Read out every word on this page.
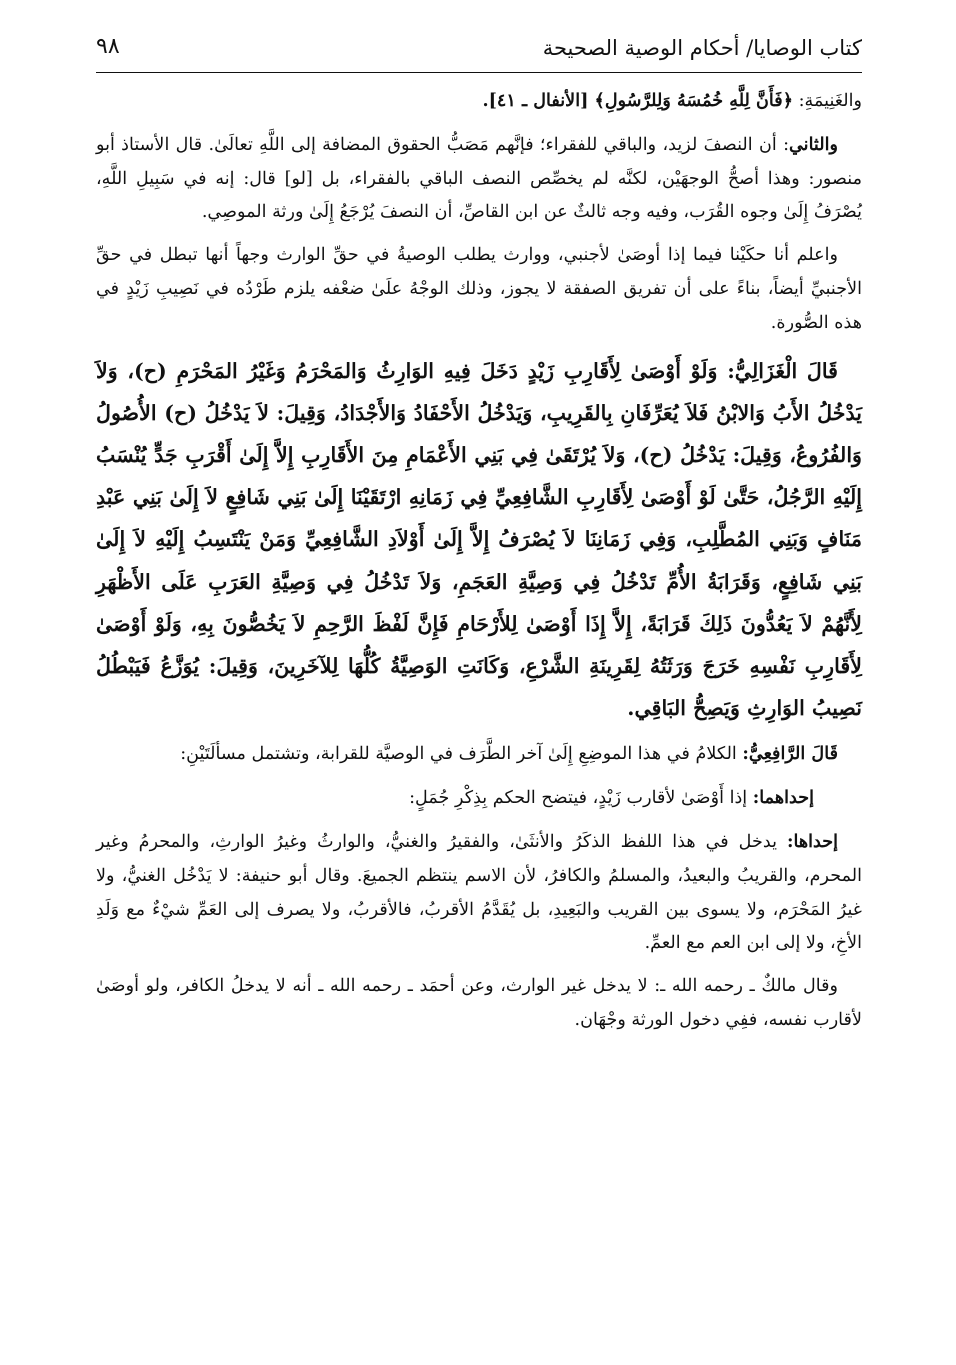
كتاب الوصايا/ أحكام الوصية الصحيحة
٩٨

والغَنِيمَةِ: ﴿فَأَنَّ لِلَّهِ خُمُسَهُ وَلِلرَّسُولِ﴾ [الأنفال ـ ٤١].

والثاني: أن النصفَ لزيد، والباقي للفقراء؛ فإنَّهم مَصَبُّ الحقوق المضافة إلى اللَّهِ تعالَىٰ. قال الأستاذ أبو منصور: وهذا أصحُّ الوجهَيْن، لكنَّه لم يخصِّص النصف الباقي بالفقراء، بل [لو] قال: إنه في سَبِيلِ اللَّهِ، يُصْرَفُ إِلَىٰ وجوه القُرَب، وفيه وجه ثالثٌ عن ابن القاصِّ، أن النصفَ يُرْجَعُ إِلَىٰ ورثة الموصِي.

واعلم أنا حكَيْنا فيما إذا أوصَىٰ لأجنبي، ووارث يطلب الوصيةُ في حقِّ الوارث وجهاً أنها تبطل في حقِّ الأجنبيِّ أيضاً، بناءً على أن تفريق الصفقة لا يجوز، وذلك الوجْهُ علَىٰ ضعْفه يلزم طَرْدُه في نَصِيبِ زَيْدٍ في هذه الصُّورة.

قَالَ الْغَزَالِيُّ: وَلَوْ أَوْصَىٰ لِأَقَارِبِ زَيْدٍ دَخَلَ فِيهِ الوَارِثُ وَالمَحْرَمُ وَغَيْرُ المَحْرَمِ (ح)، وَلاَ يَدْخُلُ الأَبُ وَالابْنُ فَلاَ يُعَرِّفَانِ بِالقَرِيبِ، وَيَدْخُلُ الأَحْفَادُ وَالأَجْدَادُ، وَقِيلَ: لاَ يَدْخُلُ (ح) الأُصُولُ وَالفُرُوعُ، وَقِيلَ: يَدْخُلُ (ح)، وَلاَ يُرْتَقَىٰ فِي بَنِي الأَعْمَامِ مِنَ الأَقَارِبِ إِلاَّ إِلَىٰ أَقْرَبِ جَدٍّ يُنْسَبُ إِلَيْهِ الرَّجُلُ، حَتَّىٰ لَوْ أَوْصَىٰ لِأَقَارِبِ الشَّافِعِيِّ فِي زَمَانِهِ ارْتَقَيْنَا إِلَىٰ بَنِي شَافِعٍ لاَ إِلَىٰ بَنِي عَبْدِ مَنَافٍ وَبَنِي المُطَّلِبِ، وَفِي زَمَانِنَا لاَ يُصْرَفُ إِلاَّ إِلَىٰ أَوْلاَدِ الشَّافِعِيِّ وَمَنْ يَنْتَسِبُ إِلَيْهِ لاَ إِلَىٰ بَنِي شَافِعٍ، وَقَرَابَةُ الأُمِّ تَدْخُلُ فِي وَصِيَّةِ العَجَمِ، وَلاَ تَدْخُلُ فِي وَصِيَّةِ العَرَبِ عَلَى الأَظْهَرِ لِأَنَّهُمْ لاَ يَعُدُّونَ ذَلِكَ قَرَابَةً، إِلاَّ إِذَا أَوْصَىٰ لِلأَرْحَامِ فَإِنَّ لَفْظَ الرَّحِمِ لاَ يَخُصُّونَ بِهِ، وَلَوْ أَوْصَىٰ لِأَقَارِبِ نَفْسِهِ خَرَجَ وَرَثَتُهُ لِقَرِينَةِ الشَّرْعِ، وَكَانَتِ الوَصِيَّةُ كُلُّهَا لِلآخَرِينَ، وَقِيلَ: يُوَزَّعُ فَيَبْطُلُ نَصِيبُ الوَارِثِ وَيَصِحُّ البَاقِي.

قَالَ الرَّافِعِيُّ: الكلامُ في هذا الموضِعِ إِلَىٰ آخر الطَّرَف في الوصيَّة للقرابة، وتشتمل مسألَتَيْنِ:

إحداهما: إذا أَوْصَىٰ لأقارب زَيْدٍ، فيتضح الحكم بِذِكْرِ جُمَلٍ:

إحداها: يدخل في هذا اللفظ الذكَرُ والأنثَىٰ، والفقيرُ والغنيُّ، والوارثُ وغيرُ الوارثِ، والمحرمُ وغير المحرم، والقريبُ والبعيدُ، والمسلمُ والكافرُ، لأن الاسم ينتظم الجميعَ. وقال أبو حنيفة: لا يَدْخُل الغنيُّ، ولا غيرُ المَحْرَم، ولا يسوى بين القريب والبَعِيدِ، بل يُقَدَّمُ الأقربُ، فالأقربُ، ولا يصرف إلى العَمِّ شيْءٌ مع وَلَدِ الأخِ، ولا إلى ابن العم مع العمِّ.

وقال مالكٌ ـ رحمه الله ـ: لا يدخل غير الوارث، وعن أحمَد ـ رحمه الله ـ أنه لا يدخلُ الكافر، ولو أوصَىٰ لأقارب نفسه، ففِي دخول الورثة وجْهَان.
